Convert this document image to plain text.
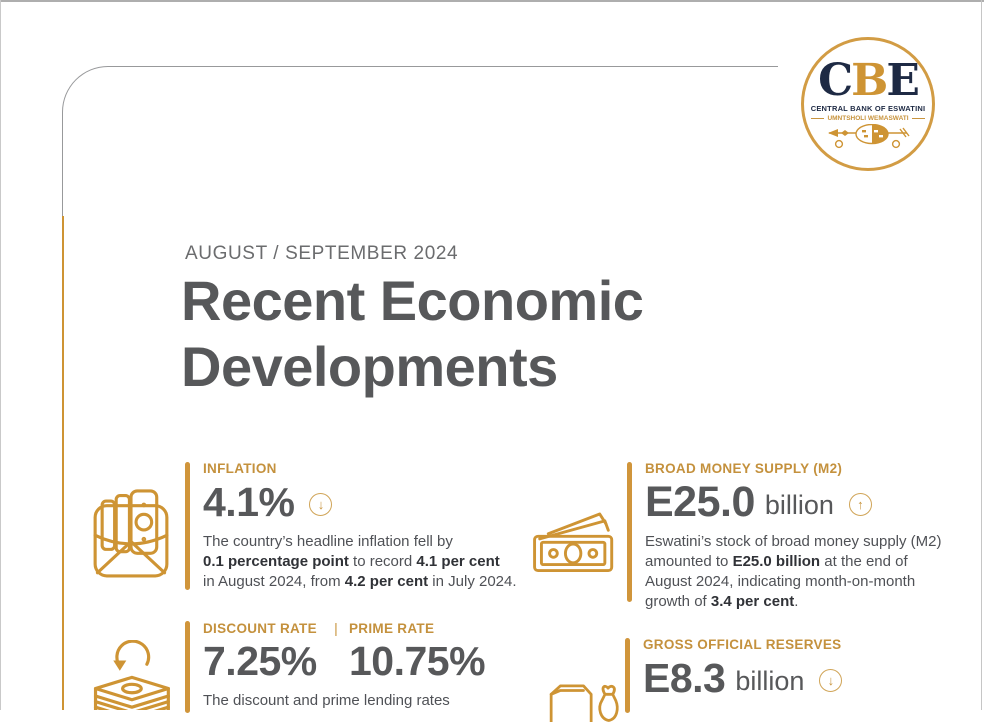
C B E
CENTRAL BANK OF ESWATINI
UMNTSHOLI WEMASWATI
AUGUST / SEPTEMBER 2024
Recent Economic
Developments
INFLATION
4.1%	↓

The country’s headline inflation fell by
0.1 percentage point to record 4.1 per cent
in August 2024, from 4.2 per cent in July 2024.

BROAD MONEY SUPPLY (M2)
E25.0 billion	↑

Eswatini’s stock of broad money supply (M2)
amounted to E25.0 billion at the end of
August 2024, indicating month-on-month
growth of 3.4 per cent.

DISCOUNT RATE	| PRIME RATE
7.25% 10.75%

The discount and prime lending rates

GROSS OFFICIAL RESERVES
E8.3 billion	↓
